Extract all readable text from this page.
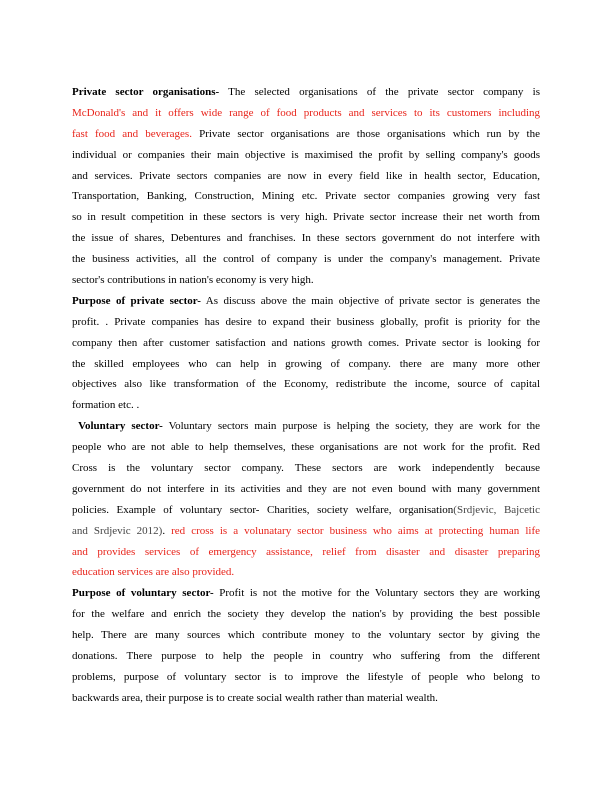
Private sector organisations- The selected organisations of the private sector company is
McDonald's and it offers wide range of food products and services to its customers including
fast food and beverages. Private sector organisations are those organisations which run by the
individual or companies their main objective is maximised the profit by selling company's goods
and services. Private sectors companies are now in every field like in health sector, Education,
Transportation, Banking, Construction, Mining etc. Private sector companies growing very fast
so in result competition in these sectors is very high. Private sector increase their net worth from
the issue of shares, Debentures and franchises. In these sectors government do not interfere with
the business activities, all the control of company is under the company's management. Private
sector's contributions in nation's economy is very high.
Purpose of private sector- As discuss above the main objective of private sector is generates the
profit. . Private companies has desire to expand their business globally, profit is priority for the
company then after customer satisfaction and nations growth comes. Private sector is looking for
the skilled employees who can help in growing of company. there are many more other
objectives also like transformation of the Economy, redistribute the income, source of capital
formation etc. .
Voluntary sector- Voluntary sectors main purpose is helping the society, they are work for the
people who are not able to help themselves, these organisations are not work for the profit. Red
Cross is the voluntary sector company. These sectors are work independently because
government do not interfere in its activities and they are not even bound with many government
policies. Example of voluntary sector- Charities, society welfare, organisation(Srdjevic, Bajcetic
and Srdjevic 2012). red cross is a volunatary sector business who aims at protecting human life
and provides services of emergency assistance, relief from disaster and disaster preparing
education services are also provided.
Purpose of voluntary sector- Profit is not the motive for the Voluntary sectors they are working
for the welfare and enrich the society they develop the nation's by providing the best possible
help. There are many sources which contribute money to the voluntary sector by giving the
donations. There purpose to help the people in country who suffering from the different
problems, purpose of voluntary sector is to improve the lifestyle of people who belong to
backwards area, their purpose is to create social wealth rather than material wealth.
